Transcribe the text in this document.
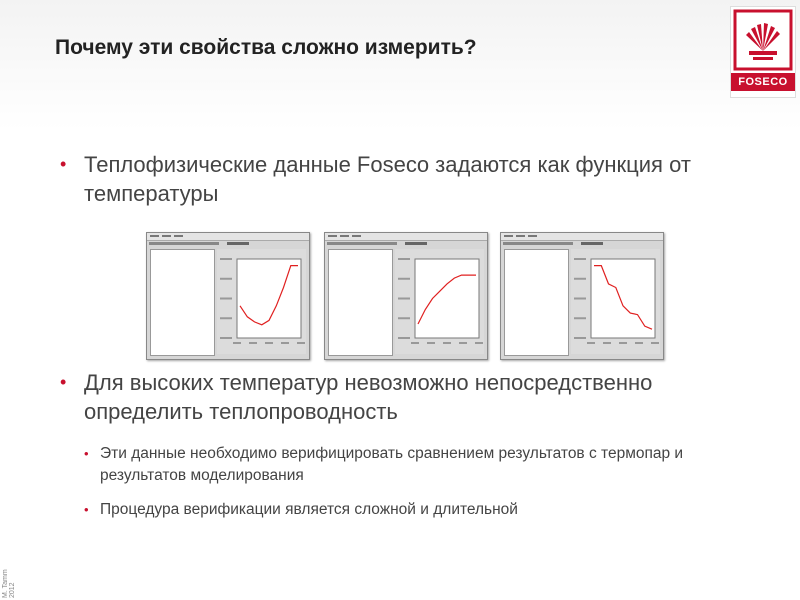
Почему эти свойства сложно измерить?
FOSECO
• Теплофизические данные Foseco задаются как функция от температуры
• Для высоких температур невозможно непосредственно определить теплопроводность
• Эти данные необходимо верифицировать сравнением результатов с термопар и результатов моделирования
• Процедура верификации является сложной и длительной
M. Tamm 2012
